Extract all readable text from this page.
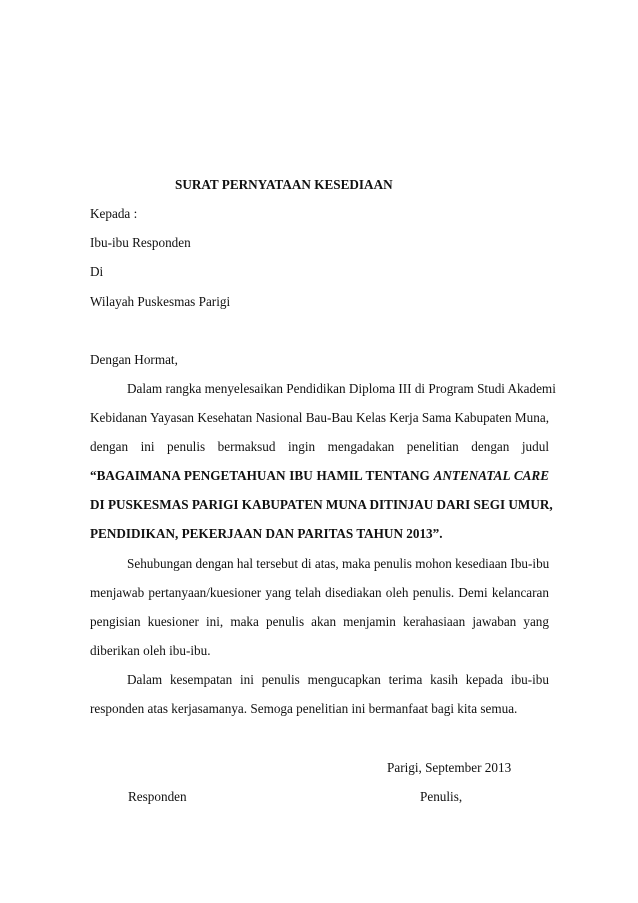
SURAT PERNYATAAN KESEDIAAN
Kepada :
Ibu-ibu Responden
Di
Wilayah Puskesmas Parigi
Dengan Hormat,
Dalam rangka menyelesaikan Pendidikan Diploma III di Program Studi Akademi
Kebidanan Yayasan Kesehatan Nasional Bau-Bau Kelas Kerja Sama Kabupaten Muna,
dengan ini penulis bermaksud ingin mengadakan penelitian dengan judul
“BAGAIMANA PENGETAHUAN IBU HAMIL TENTANG ANTENATAL CARE
DI PUSKESMAS PARIGI KABUPATEN MUNA DITINJAU DARI SEGI UMUR,
PENDIDIKAN, PEKERJAAN DAN PARITAS TAHUN 2013”.
Sehubungan dengan hal tersebut di atas, maka penulis mohon kesediaan Ibu-ibu
menjawab pertanyaan/kuesioner yang telah disediakan oleh penulis. Demi kelancaran
pengisian kuesioner ini, maka penulis akan menjamin kerahasiaan jawaban yang
diberikan oleh ibu-ibu.
Dalam kesempatan ini penulis mengucapkan terima kasih kepada ibu-ibu
responden atas kerjasamanya. Semoga penelitian ini bermanfaat bagi kita semua.
Parigi, September 2013
Responden	Penulis,
